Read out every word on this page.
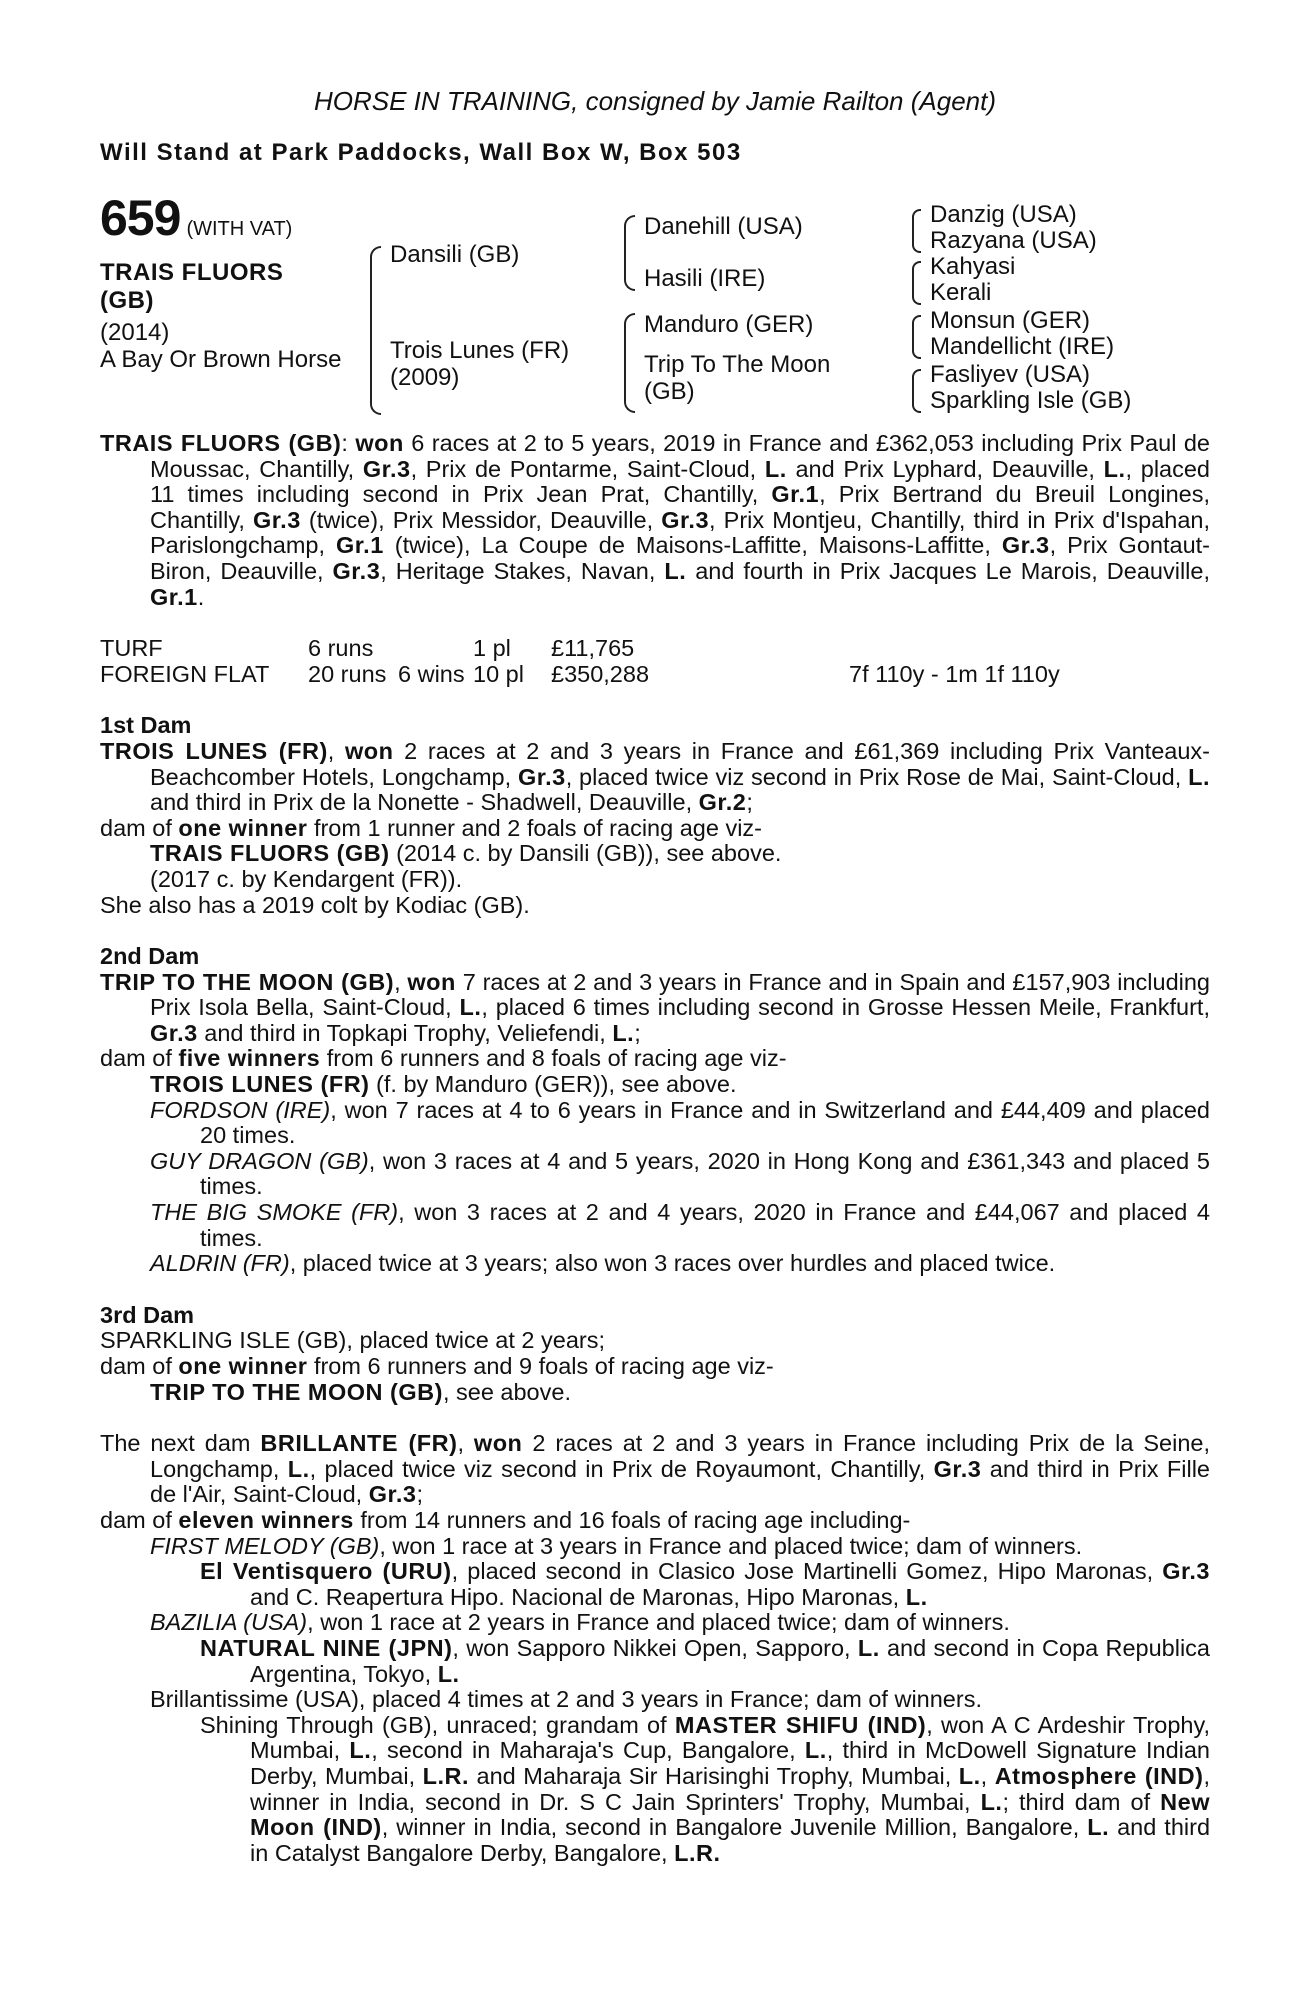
HORSE IN TRAINING, consigned by Jamie Railton (Agent)
Will Stand at Park Paddocks, Wall Box W, Box 503
659 (WITH VAT)
TRAIS FLUORS
(GB)
(2014)
A Bay Or Brown Horse
Dansili (GB)
Trois Lunes (FR)
(2009)
Danehill (USA)
Hasili (IRE)
Manduro (GER)
Trip To The Moon
(GB)
Danzig (USA)
Razyana (USA)
Kahyasi
Kerali
Monsun (GER)
Mandellicht (IRE)
Fasliyev (USA)
Sparkling Isle (GB)

TRAIS FLUORS (GB): won 6 races at 2 to 5 years, 2019 in France and £362,053 including Prix Paul de Moussac, Chantilly, Gr.3, Prix de Pontarme, Saint-Cloud, L. and Prix Lyphard, Deauville, L., placed 11 times including second in Prix Jean Prat, Chantilly, Gr.1, Prix Bertrand du Breuil Longines, Chantilly, Gr.3 (twice), Prix Messidor, Deauville, Gr.3, Prix Montjeu, Chantilly, third in Prix d'Ispahan, Parislongchamp, Gr.1 (twice), La Coupe de Maisons-Laffitte, Maisons-Laffitte, Gr.3, Prix Gontaut-Biron, Deauville, Gr.3, Heritage Stakes, Navan, L. and fourth in Prix Jacques Le Marois, Deauville, Gr.1.

TURF	6 runs		1 pl	£11,765	
FOREIGN FLAT	20 runs	6 wins	10 pl	£350,288	7f 110y - 1m 1f 110y
1st Dam

TROIS LUNES (FR), won 2 races at 2 and 3 years in France and £61,369 including Prix Vanteaux-Beachcomber Hotels, Longchamp, Gr.3, placed twice viz second in Prix Rose de Mai, Saint-Cloud, L. and third in Prix de la Nonette - Shadwell, Deauville, Gr.2;

dam of one winner from 1 runner and 2 foals of racing age viz-

TRAIS FLUORS (GB) (2014 c. by Dansili (GB)), see above.

(2017 c. by Kendargent (FR)).

She also has a 2019 colt by Kodiac (GB).

2nd Dam

TRIP TO THE MOON (GB), won 7 races at 2 and 3 years in France and in Spain and £157,903 including Prix Isola Bella, Saint-Cloud, L., placed 6 times including second in Grosse Hessen Meile, Frankfurt, Gr.3 and third in Topkapi Trophy, Veliefendi, L.;

dam of five winners from 6 runners and 8 foals of racing age viz-

TROIS LUNES (FR) (f. by Manduro (GER)), see above.

FORDSON (IRE), won 7 races at 4 to 6 years in France and in Switzerland and £44,409 and placed 20 times.

GUY DRAGON (GB), won 3 races at 4 and 5 years, 2020 in Hong Kong and £361,343 and placed 5 times.

THE BIG SMOKE (FR), won 3 races at 2 and 4 years, 2020 in France and £44,067 and placed 4 times.

ALDRIN (FR), placed twice at 3 years; also won 3 races over hurdles and placed twice.

3rd Dam

SPARKLING ISLE (GB), placed twice at 2 years;

dam of one winner from 6 runners and 9 foals of racing age viz-

TRIP TO THE MOON (GB), see above.

The next dam BRILLANTE (FR), won 2 races at 2 and 3 years in France including Prix de la Seine, Longchamp, L., placed twice viz second in Prix de Royaumont, Chantilly, Gr.3 and third in Prix Fille de l'Air, Saint-Cloud, Gr.3;

dam of eleven winners from 14 runners and 16 foals of racing age including-

FIRST MELODY (GB), won 1 race at 3 years in France and placed twice; dam of winners.

El Ventisquero (URU), placed second in Clasico Jose Martinelli Gomez, Hipo Maronas, Gr.3 and C. Reapertura Hipo. Nacional de Maronas, Hipo Maronas, L.

BAZILIA (USA), won 1 race at 2 years in France and placed twice; dam of winners.

NATURAL NINE (JPN), won Sapporo Nikkei Open, Sapporo, L. and second in Copa Republica Argentina, Tokyo, L.

Brillantissime (USA), placed 4 times at 2 and 3 years in France; dam of winners.

Shining Through (GB), unraced; grandam of MASTER SHIFU (IND), won A C Ardeshir Trophy, Mumbai, L., second in Maharaja's Cup, Bangalore, L., third in McDowell Signature Indian Derby, Mumbai, L.R. and Maharaja Sir Harisinghi Trophy, Mumbai, L., Atmosphere (IND), winner in India, second in Dr. S C Jain Sprinters' Trophy, Mumbai, L.; third dam of New Moon (IND), winner in India, second in Bangalore Juvenile Million, Bangalore, L. and third in Catalyst Bangalore Derby, Bangalore, L.R.
